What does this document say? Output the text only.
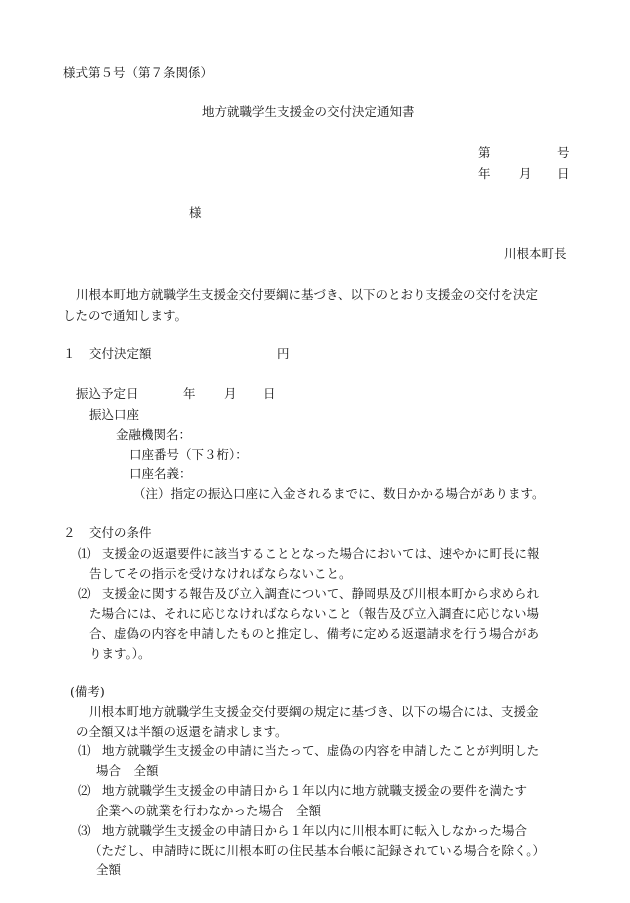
様式第５号（第７条関係）
地方就職学生支援金の交付決定通知書
第	号
年 月 日
様
川根本町長
川根本町地方就職学生支援金交付要綱に基づき、以下のとおり支援金の交付を決定
したので通知します。
１ 交付決定額	円
振込予定日	年 月 日
振込口座
金融機関名：
口座番号（下３桁）：
口座名義：
（注）指定の振込口座に入金されるまでに、数日かかる場合があります。
２ 交付の条件
⑴ 支援金の返還要件に該当することとなった場合においては、速やかに町長に報
告してその指示を受けなければならないこと。
⑵ 支援金に関する報告及び立入調査について、静岡県及び川根本町から求められ
た場合には、それに応じなければならないこと（報告及び立入調査に応じない場
合、虚偽の内容を申請したものと推定し、備考に定める返還請求を行う場合があ
ります。）。
(備考)
川根本町地方就職学生支援金交付要綱の規定に基づき、以下の場合には、支援金
の全額又は半額の返還を請求します。
⑴ 地方就職学生支援金の申請に当たって、虚偽の内容を申請したことが判明した
場合　全額
⑵ 地方就職学生支援金の申請日から１年以内に地方就職支援金の要件を満たす
企業への就業を行わなかった場合　全額
⑶ 地方就職学生支援金の申請日から１年以内に川根本町に転入しなかった場合
（ただし、申請時に既に川根本町の住民基本台帳に記録されている場合を除く。）
全額
